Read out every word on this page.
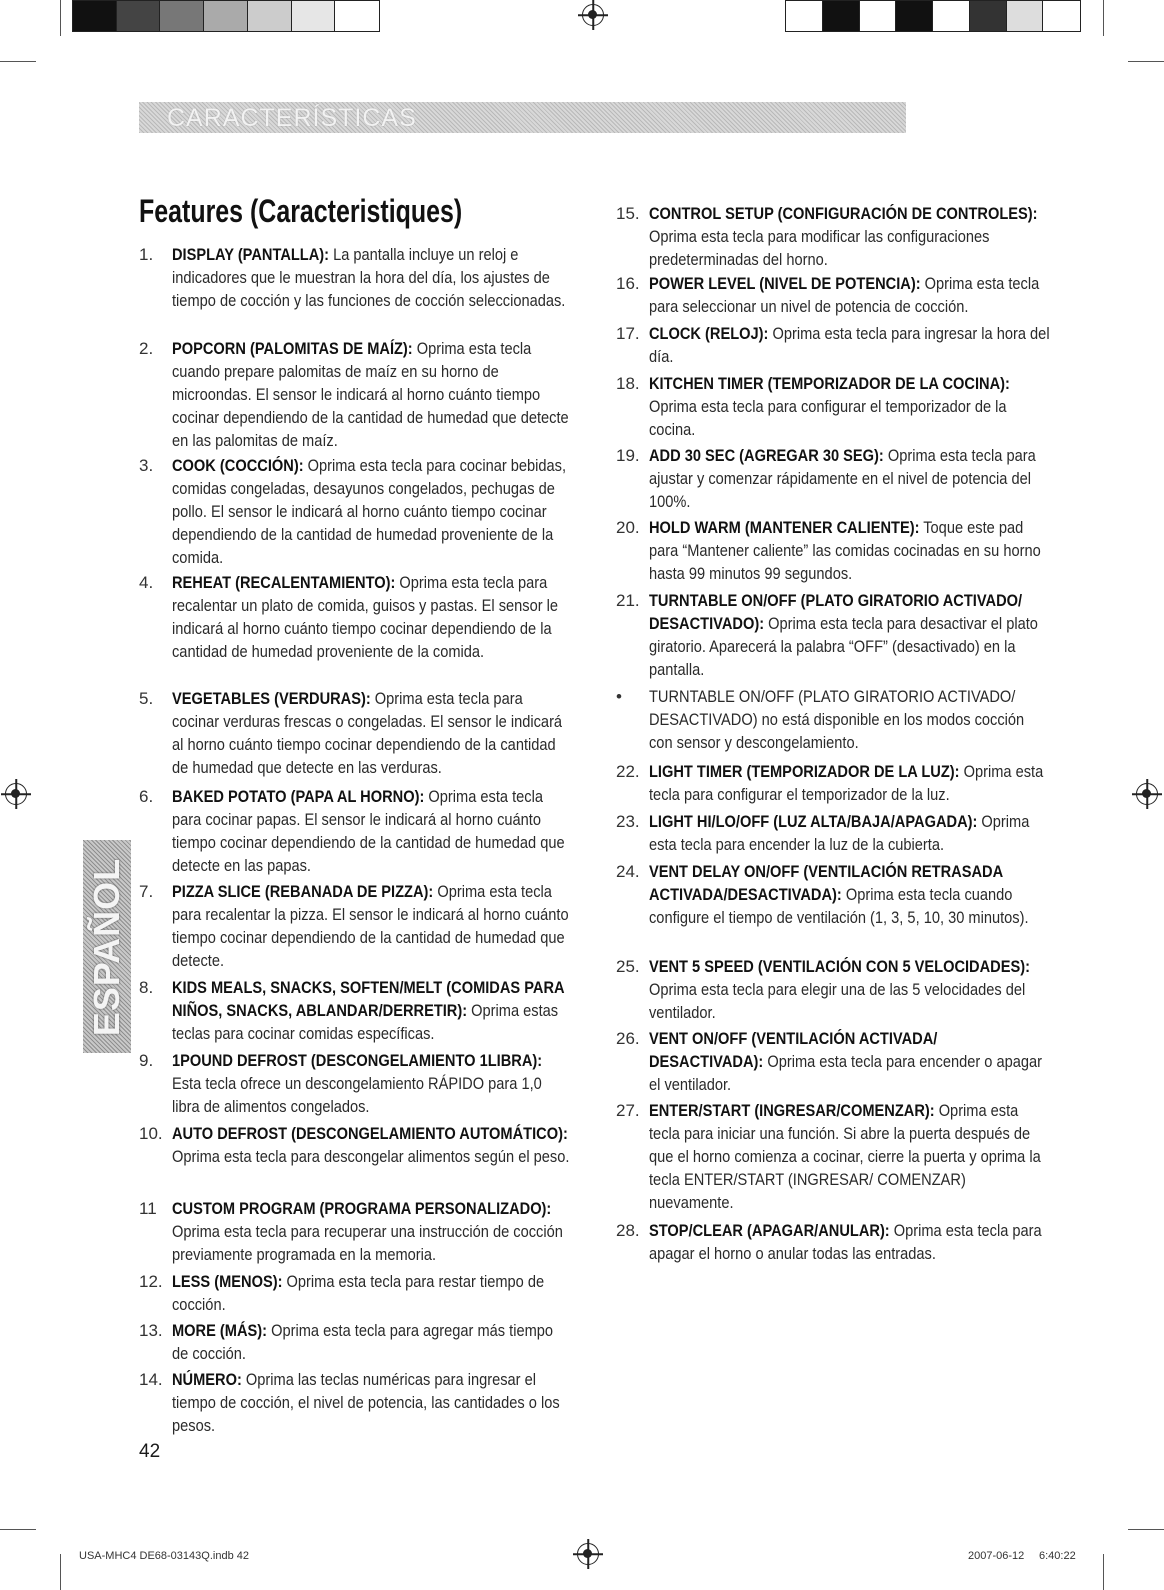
CARACTERÍSTICAS
ESPAÑOL
Features (Caracteristiques)
1.	DISPLAY (PANTALLA): La pantalla incluye un reloj e indicadores que le muestran la hora del día, los ajustes de tiempo de cocción y las funciones de cocción seleccionadas.
2.	POPCORN (PALOMITAS DE MAÍZ): Oprima esta tecla cuando prepare palomitas de maíz en su horno de microondas. El sensor le indicará al horno cuánto tiempo cocinar dependiendo de la cantidad de humedad que detecte en las palomitas de maíz.
3.	COOK (COCCIÓN): Oprima esta tecla para cocinar bebidas, comidas congeladas, desayunos congelados, pechugas de pollo. El sensor le indicará al horno cuánto tiempo cocinar dependiendo de la cantidad de humedad proveniente de la comida.
4.	REHEAT (RECALENTAMIENTO): Oprima esta tecla para recalentar un plato de comida, guisos y pastas. El sensor le indicará al horno cuánto tiempo cocinar dependiendo de la cantidad de humedad proveniente de la comida.
5.	VEGETABLES (VERDURAS): Oprima esta tecla para cocinar verduras frescas o congeladas. El sensor le indicará al horno cuánto tiempo cocinar dependiendo de la cantidad de humedad que detecte en las verduras.
6.	BAKED POTATO (PAPA AL HORNO): Oprima esta tecla para cocinar papas. El sensor le indicará al horno cuánto tiempo cocinar dependiendo de la cantidad de humedad que detecte en las papas.
7.	PIZZA SLICE (REBANADA DE PIZZA): Oprima esta tecla para recalentar la pizza. El sensor le indicará al horno cuánto tiempo cocinar dependiendo de la cantidad de humedad que detecte.
8.	KIDS MEALS, SNACKS, SOFTEN/MELT (COMIDAS PARA NIÑOS, SNACKS, ABLANDAR/DERRETIR): Oprima estas teclas para cocinar comidas específicas.
9.	1POUND DEFROST (DESCONGELAMIENTO 1LIBRA): Esta tecla ofrece un descongelamiento RÁPIDO para 1,0 libra de alimentos congelados.
10. AUTO DEFROST (DESCONGELAMIENTO AUTOMÁTICO): Oprima esta tecla para descongelar alimentos según el peso.
11 CUSTOM PROGRAM (PROGRAMA PERSONALIZADO): Oprima esta tecla para recuperar una instrucción de cocción previamente programada en la memoria.
12. LESS (MENOS): Oprima esta tecla para restar tiempo de cocción.
13. MORE (MÁS): Oprima esta tecla para agregar más tiempo de cocción.
14. NÚMERO: Oprima las teclas numéricas para ingresar el tiempo de cocción, el nivel de potencia, las cantidades o los pesos.
15. CONTROL SETUP (CONFIGURACIÓN DE CONTROLES): Oprima esta tecla para modificar las configuraciones predeterminadas del horno.
16. POWER LEVEL (NIVEL DE POTENCIA): Oprima esta tecla para seleccionar un nivel de potencia de cocción.
17. CLOCK (RELOJ): Oprima esta tecla para ingresar la hora del día.
18. KITCHEN TIMER (TEMPORIZADOR DE LA COCINA): Oprima esta tecla para configurar el temporizador de la cocina.
19. ADD 30 SEC (AGREGAR 30 SEG): Oprima esta tecla para ajustar y comenzar rápidamente en el nivel de potencia del 100%.
20. HOLD WARM (MANTENER CALIENTE): Toque este pad para “Mantener caliente” las comidas cocinadas en su horno hasta 99 minutos 99 segundos.
21. TURNTABLE ON/OFF (PLATO GIRATORIO ACTIVADO/ DESACTIVADO): Oprima esta tecla para desactivar el plato giratorio. Aparecerá la palabra “OFF” (desactivado) en la pantalla.
•	TURNTABLE ON/OFF (PLATO GIRATORIO ACTIVADO/ DESACTIVADO) no está disponible en los modos cocción con sensor y descongelamiento.
22. LIGHT TIMER (TEMPORIZADOR DE LA LUZ): Oprima esta tecla para configurar el temporizador de la luz.
23. LIGHT HI/LO/OFF (LUZ ALTA/BAJA/APAGADA): Oprima esta tecla para encender la luz de la cubierta.
24. VENT DELAY ON/OFF (VENTILACIÓN RETRASADA ACTIVADA/DESACTIVADA): Oprima esta tecla cuando configure el tiempo de ventilación (1, 3, 5, 10, 30 minutos).
25. VENT 5 SPEED (VENTILACIÓN CON 5 VELOCIDADES): Oprima esta tecla para elegir una de las 5 velocidades del ventilador.
26. VENT ON/OFF (VENTILACIÓN ACTIVADA/ DESACTIVADA): Oprima esta tecla para encender o apagar el ventilador.
27. ENTER/START (INGRESAR/COMENZAR): Oprima esta tecla para iniciar una función. Si abre la puerta después de que el horno comienza a cocinar, cierre la puerta y oprima la tecla ENTER/START (INGRESAR/ COMENZAR) nuevamente.
28. STOP/CLEAR (APAGAR/ANULAR): Oprima esta tecla para apagar el horno o anular todas las entradas.
42
USA-MHC4 DE68-03143Q.indb 42	2007-06-12 6:40:22
